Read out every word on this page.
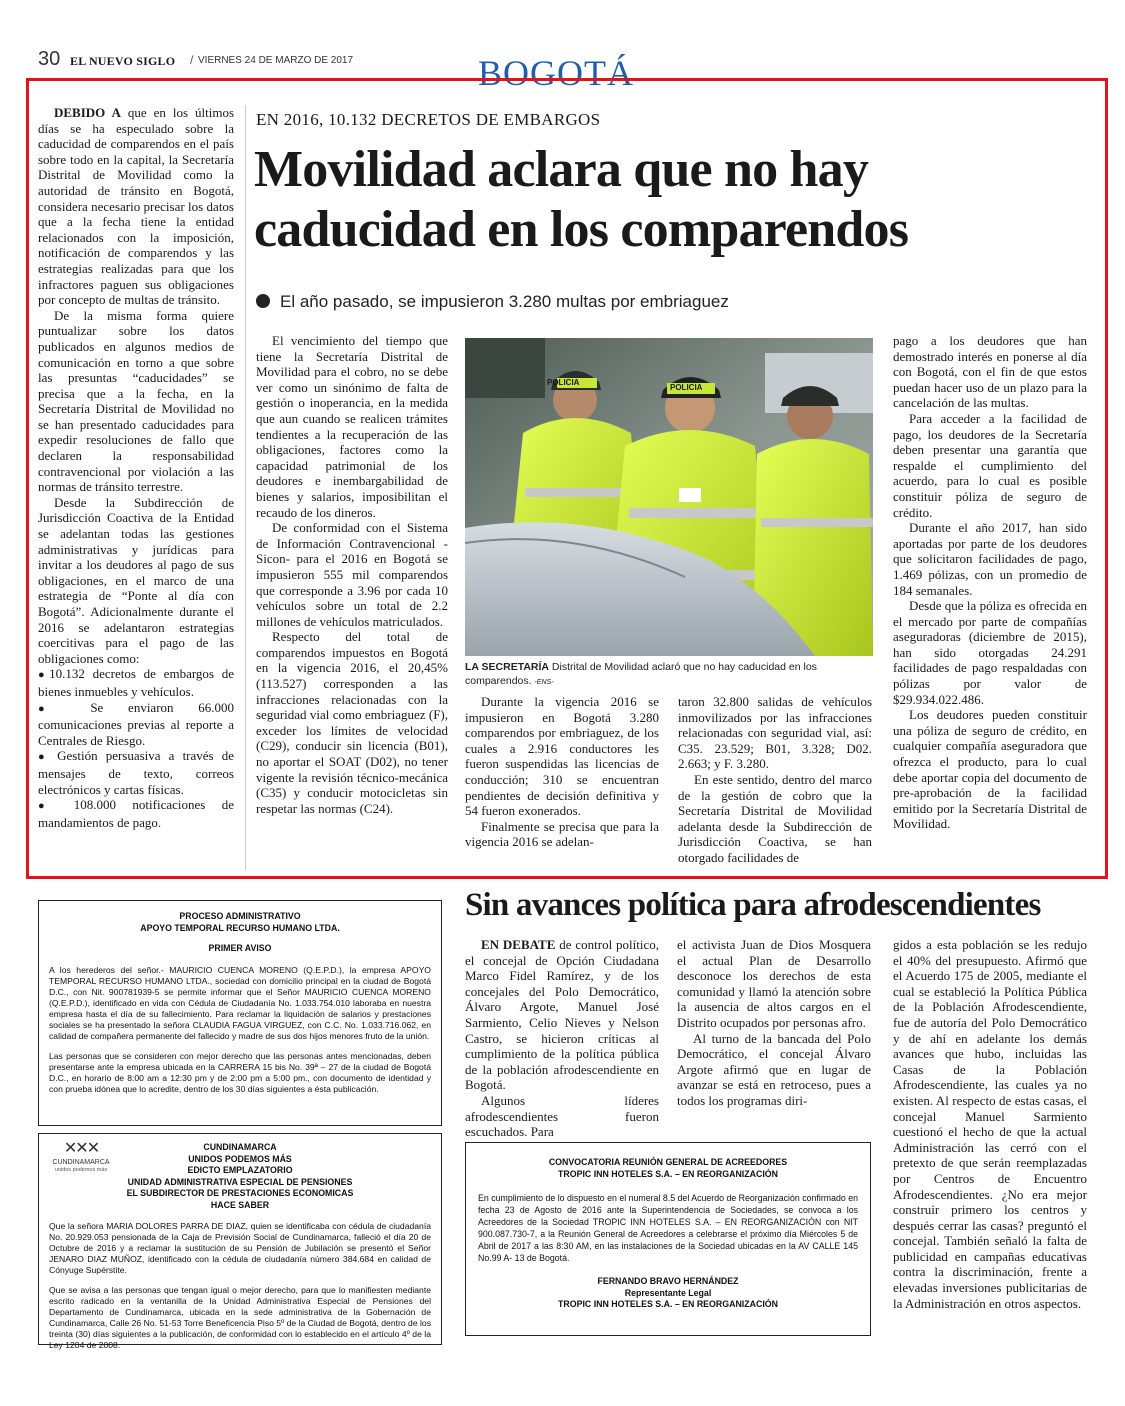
30 EL NUEVO SIGLO / VIERNES 24 DE MARZO DE 2017	BOGOTÁ
EN 2016, 10.132 DECRETOS DE EMBARGOS
Movilidad aclara que no hay
caducidad en los comparendos
El año pasado, se impusieron 3.280 multas por embriaguez

DEBIDO A que en los últimos días se ha especulado sobre la caducidad de comparendos en el país sobre todo en la capital, la Secretaría Distrital de Movilidad como la autoridad de tránsito en Bogotá, considera necesario precisar los datos que a la fecha tiene la entidad relacionados con la imposición, notificación de comparendos y las estrategias realizadas para que los infractores paguen sus obligaciones por concepto de multas de tránsito.

De la misma forma quiere puntualizar sobre los datos publicados en algunos medios de comunicación en torno a que sobre las presuntas “caducidades” se precisa que a la fecha, en la Secretaría Distrital de Movilidad no se han presentado caducidades para expedir resoluciones de fallo que declaren la responsabilidad contravencional por violación a las normas de tránsito terrestre.

Desde la Subdirección de Jurisdicción Coactiva de la Entidad se adelantan todas las gestiones administrativas y jurídicas para invitar a los deudores al pago de sus obligaciones, en el marco de una estrategia de “Ponte al día con Bogotá”. Adicionalmente durante el 2016 se adelantaron estrategias coercitivas para el pago de las obligaciones como:

●10.132 decretos de embargos de bienes inmuebles y vehículos.

● Se enviaron 66.000 comunicaciones previas al reporte a Centrales de Riesgo.

● Gestión persuasiva a través de mensajes de texto, correos electrónicos y cartas físicas.

● 108.000 notificaciones de mandamientos de pago.

El vencimiento del tiempo que tiene la Secretaría Distrital de Movilidad para el cobro, no se debe ver como un sinónimo de falta de gestión o inoperancia, en la medida que aun cuando se realicen trámites tendientes a la recuperación de las obligaciones, factores como la capacidad patrimonial de los deudores e inembargabilidad de bienes y salarios, imposibilitan el recaudo de los dineros.

De conformidad con el Sistema de Información Contravencional -Sicon- para el 2016 en Bogotá se impusieron 555 mil comparendos que corresponde a 3.96 por cada 10 vehículos sobre un total de 2.2 millones de vehículos matriculados.

Respecto del total de comparendos impuestos en Bogotá en la vigencia 2016, el 20,45% (113.527) corresponden a las infracciones relacionadas con la seguridad vial como embriaguez (F), exceder los límites de velocidad (C29), conducir sin licencia (B01), no aportar el SOAT (D02), no tener vigente la revisión técnico-mecánica (C35) y conducir motocicletas sin respetar las normas (C24).

POLICIA
POLICIA
LA SECRETARÍA Distrital de Movilidad aclaró que no hay caducidad en los comparendos. -ENS-

Durante la vigencia 2016 se impusieron en Bogotá 3.280 comparendos por embriaguez, de los cuales a 2.916 conductores les fueron suspendidas las licencias de conducción; 310 se encuentran pendientes de decisión definitiva y 54 fueron exonerados.

Finalmente se precisa que para la vigencia 2016 se adelan-

taron 32.800 salidas de vehículos inmovilizados por las infracciones relacionadas con seguridad vial, así: C35. 23.529; B01, 3.328; D02. 2.663; y F. 3.280.

En este sentido, dentro del marco de la gestión de cobro que la Secretaría Distrital de Movilidad adelanta desde la Subdirección de Jurisdicción Coactiva, se han otorgado facilidades de

pago a los deudores que han demostrado interés en ponerse al día con Bogotá, con el fin de que estos puedan hacer uso de un plazo para la cancelación de las multas.

Para acceder a la facilidad de pago, los deudores de la Secretaría deben presentar una garantía que respalde el cumplimiento del acuerdo, para lo cual es posible constituir póliza de seguro de crédito.

Durante el año 2017, han sido aportadas por parte de los deudores que solicitaron facilidades de pago, 1.469 pólizas, con un promedio de 184 semanales.

Desde que la póliza es ofrecida en el mercado por parte de compañías aseguradoras (diciembre de 2015), han sido otorgadas 24.291 facilidades de pago respaldadas con pólizas por valor de $29.934.022.486.

Los deudores pueden constituir una póliza de seguro de crédito, en cualquier compañía aseguradora que ofrezca el producto, para lo cual debe aportar copia del documento de pre-aprobación de la facilidad emitido por la Secretaría Distrital de Movilidad.

Sin avances política para afrodescendientes

EN DEBATE de control político, el concejal de Opción Ciudadana Marco Fidel Ramírez, y de los concejales del Polo Democrático, Álvaro Argote, Manuel José Sarmiento, Celio Nieves y Nelson Castro, se hicieron críticas al cumplimiento de la política pública de la población afrodescendiente en Bogotá.

Algunos líderes afrodescendientes fueron escuchados. Para

el activista Juan de Dios Mosquera el actual Plan de Desarrollo desconoce los derechos de esta comunidad y llamó la atención sobre la ausencia de altos cargos en el Distrito ocupados por personas afro.

Al turno de la bancada del Polo Democrático, el concejal Álvaro Argote afirmó que en lugar de avanzar se está en retroceso, pues a todos los programas diri-

gidos a esta población se les redujo el 40% del presupuesto. Afirmó que el Acuerdo 175 de 2005, mediante el cual se estableció la Política Pública de la Población Afrodescendiente, fue de autoría del Polo Democrático y de ahí en adelante los demás avances que hubo, incluidas las Casas de la Población Afrodescendiente, las cuales ya no existen. Al respecto de estas casas, el concejal Manuel Sarmiento cuestionó el hecho de que la actual Administración las cerró con el pretexto de que serán reemplazadas por Centros de Encuentro Afrodescendientes. ¿No era mejor construir primero los centros y después cerrar las casas? preguntó el concejal. También señaló la falta de publicidad en campañas educativas contra la discriminación, frente a elevadas inversiones publicitarias de la Administración en otros aspectos.

PROCESO ADMINISTRATIVO
APOYO TEMPORAL RECURSO HUMANO LTDA.
PRIMER AVISO

A los herederos del señor.- MAURICIO CUENCA MORENO (Q.E.P.D.), la empresa APOYO TEMPORAL RECURSO HUMANO LTDA., sociedad con domicilio principal en la ciudad de Bogotá D.C., con Nit. 900781939-5 se permite informar que el Señor MAURICIO CUENCA MORENO (Q.E.P.D.), identificado en vida con Cédula de Ciudadanía No. 1.033.754.010 laboraba en nuestra empresa hasta el día de su fallecimiento. Para reclamar la liquidación de salarios y prestaciones sociales se ha presentado la señora CLAUDIA FAGUA VIRGUEZ, con C.C. No. 1.033.716.062, en calidad de compañera permanente del fallecido y madre de sus dos hijos menores fruto de la unión.

Las personas que se consideren con mejor derecho que las personas antes mencionadas, deben presentarse ante la empresa ubicada en la CARRERA 15 bis No. 39ª – 27 de la ciudad de Bogotá D.C., en horario de 8:00 am a 12:30 pm y de 2:00 pm a 5:00 pm., con documento de identidad y con prueba idónea que lo acredite, dentro de los 30 días siguientes a ésta publicación.

✕✕✕
CUNDINAMARCA
unidos podemos más
CUNDINAMARCA
UNIDOS PODEMOS MÁS
EDICTO EMPLAZATORIO
UNIDAD ADMINISTRATIVA ESPECIAL DE PENSIONES
EL SUBDIRECTOR DE PRESTACIONES ECONOMICAS
HACE SABER

Que la señora MARIA DOLORES PARRA DE DIAZ, quien se identificaba con cédula de ciudadanía No. 20.929.053 pensionada de la Caja de Previsión Social de Cundinamarca, falleció el día 20 de Octubre de 2016 y a reclamar la sustitución de su Pensión de Jubilación se presentó el Señor JENARO DIAZ MUÑOZ, identificado con la cédula de ciudadanía número 384.684 en calidad de Cónyuge Supérstite.

Que se avisa a las personas que tengan igual o mejor derecho, para que lo manifiesten mediante escrito radicado en la ventanilla de la Unidad Administrativa Especial de Pensiones del Departamento de Cundinamarca, ubicada en la sede administrativa de la Gobernación de Cundinamarca, Calle 26 No. 51-53 Torre Beneficencia Piso 5º de la Ciudad de Bogotá, dentro de los treinta (30) días siguientes a la publicación, de conformidad con lo establecido en el artículo 4º de la Ley 1204 de 2008.

CONVOCATORIA REUNIÓN GENERAL DE ACREEDORES
TROPIC INN HOTELES S.A. – EN REORGANIZACIÓN

En cumplimiento de lo dispuesto en el numeral 8.5 del Acuerdo de Reorganización confirmado en fecha 23 de Agosto de 2016 ante la Superintendencia de Sociedades, se convoca a los Acreedores de la Sociedad TROPIC INN HOTELES S.A. – EN REORGANIZACIÓN con NIT 900.087.730-7, a la Reunión General de Acreedores a celebrarse el próximo día Miércoles 5 de Abril de 2017 a las 8:30 AM, en las instalaciones de la Sociedad ubicadas en la AV CALLE 145 No.99 A- 13 de Bogotá.

FERNANDO BRAVO HERNÁNDEZ
Representante Legal
TROPIC INN HOTELES S.A. – EN REORGANIZACIÓN
